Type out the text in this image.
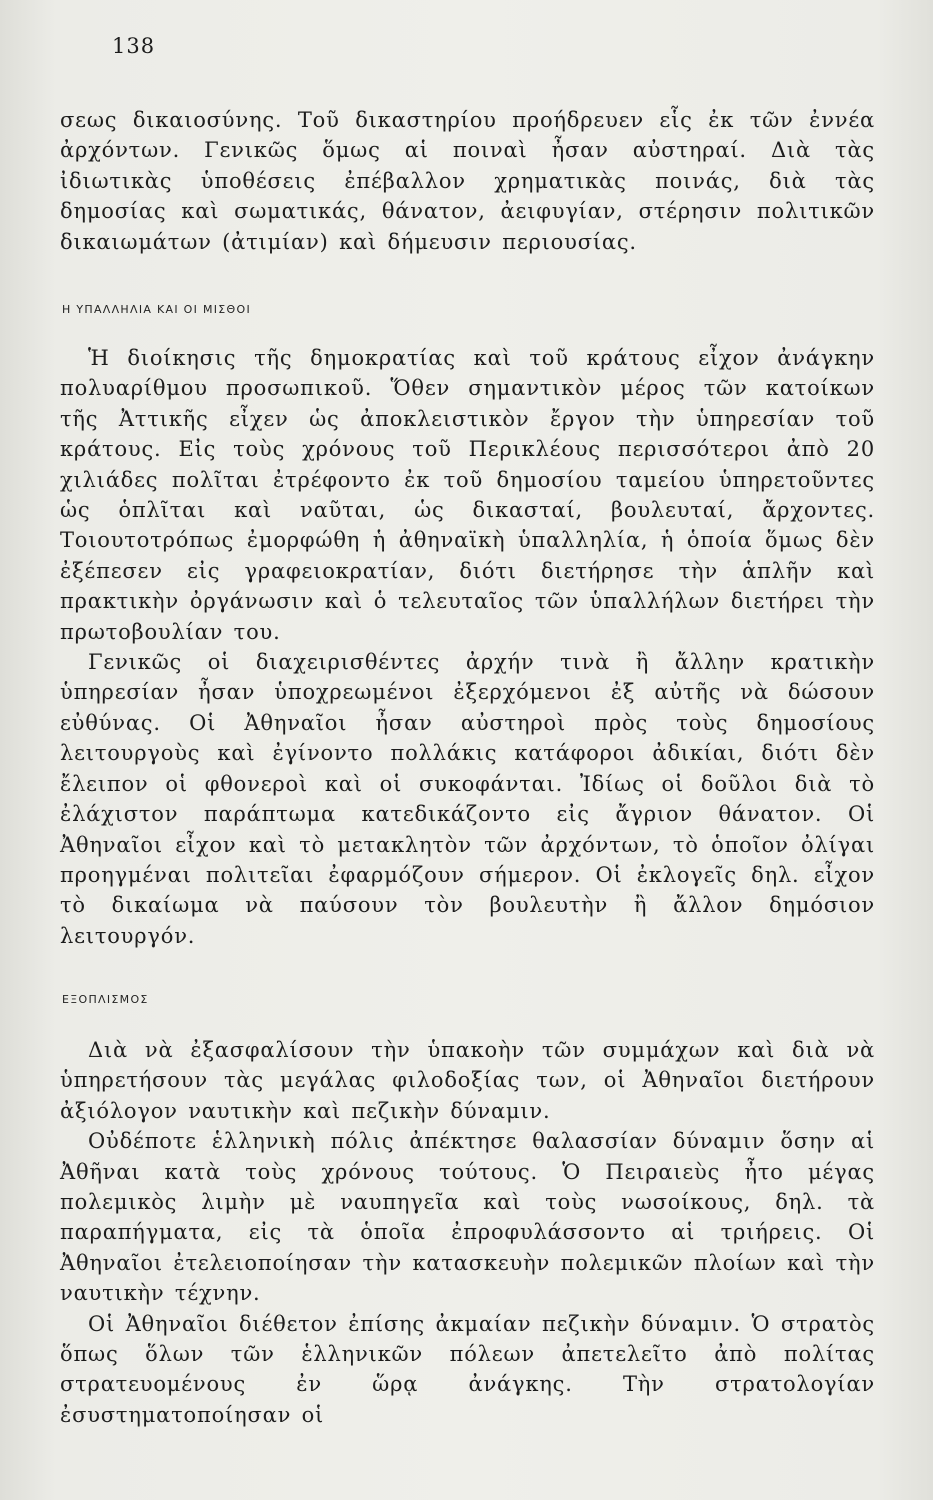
138

σεως δικαιοσύνης. Τοῦ δικαστηρίου προήδρευεν εἷς ἐκ τῶν ἐννέα ἀρχόντων. Γενικῶς ὅμως αἱ ποιναὶ ἦσαν αὐστηραί. Διὰ τὰς ἰδιωτικὰς ὑποθέσεις ἐπέβαλλον χρηματικὰς ποινάς, διὰ τὰς δημοσίας καὶ σωματικάς, θάνατον, ἀειφυγίαν, στέρησιν πολιτικῶν δικαιωμάτων (ἀτιμίαν) καὶ δήμευσιν περιουσίας.

Η ΥΠΑΛΛΗΛΙΑ ΚΑΙ ΟΙ ΜΙΣΘΟΙ

Ἡ διοίκησις τῆς δημοκρατίας καὶ τοῦ κράτους εἶχον ἀνάγκην πολυαρίθμου προσωπικοῦ. Ὅθεν σημαντικὸν μέρος τῶν κατοίκων τῆς Ἀττικῆς εἶχεν ὡς ἀποκλειστικὸν ἔργον τὴν ὑπηρεσίαν τοῦ κράτους. Εἰς τοὺς χρόνους τοῦ Περικλέους περισσότεροι ἀπὸ 20 χιλιάδες πολῖται ἐτρέφοντο ἐκ τοῦ δημοσίου ταμείου ὑπηρετοῦντες ὡς ὁπλῖται καὶ ναῦται, ὡς δικασταί, βουλευταί, ἄρχοντες. Τοιουτοτρόπως ἐμορφώθη ἡ ἀθηναϊκὴ ὑπαλληλία, ἡ ὁποία ὅμως δὲν ἐξέπεσεν εἰς γραφειοκρατίαν, διότι διετήρησε τὴν ἁπλῆν καὶ πρακτικὴν ὀργάνωσιν καὶ ὁ τελευταῖος τῶν ὑπαλλήλων διετήρει τὴν πρωτοβουλίαν του.

Γενικῶς οἱ διαχειρισθέντες ἀρχήν τινὰ ἢ ἄλλην κρατικὴν ὑπηρεσίαν ἦσαν ὑποχρεωμένοι ἐξερχόμενοι ἐξ αὐτῆς νὰ δώσουν εὐθύνας. Οἱ Ἀθηναῖοι ἦσαν αὐστηροὶ πρὸς τοὺς δημοσίους λειτουργοὺς καὶ ἐγίνοντο πολλάκις κατάφοροι ἀδικίαι, διότι δὲν ἔλειπον οἱ φθονεροὶ καὶ οἱ συκοφάνται. Ἰδίως οἱ δοῦλοι διὰ τὸ ἐλάχιστον παράπτωμα κατεδικάζοντο εἰς ἄγριον θάνατον. Οἱ Ἀθηναῖοι εἶχον καὶ τὸ μετακλητὸν τῶν ἀρχόντων, τὸ ὁποῖον ὀλίγαι προηγμέναι πολιτεῖαι ἐφαρμόζουν σήμερον. Οἱ ἐκλογεῖς δηλ. εἶχον τὸ δικαίωμα νὰ παύσουν τὸν βουλευτὴν ἢ ἄλλον δημόσιον λειτουργόν.

ΕΞΟΠΛΙΣΜΟΣ

Διὰ νὰ ἐξασφαλίσουν τὴν ὑπακοὴν τῶν συμμάχων καὶ διὰ νὰ ὑπηρετήσουν τὰς μεγάλας φιλοδοξίας των, οἱ Ἀθηναῖοι διετήρουν ἀξιόλογον ναυτικὴν καὶ πεζικὴν δύναμιν.

Οὐδέποτε ἑλληνικὴ πόλις ἀπέκτησε θαλασσίαν δύναμιν ὅσην αἱ Ἀθῆναι κατὰ τοὺς χρόνους τούτους. Ὁ Πειραιεὺς ἦτο μέγας πολεμικὸς λιμὴν μὲ ναυπηγεῖα καὶ τοὺς νωσοίκους, δηλ. τὰ παραπήγματα, εἰς τὰ ὁποῖα ἐπροφυλάσσοντο αἱ τριήρεις. Οἱ Ἀθηναῖοι ἐτελειοποίησαν τὴν κατασκευὴν πολεμικῶν πλοίων καὶ τὴν ναυτικὴν τέχνην.

Οἱ Ἀθηναῖοι διέθετον ἐπίσης ἀκμαίαν πεζικὴν δύναμιν. Ὁ στρατὸς ὅπως ὅλων τῶν ἑλληνικῶν πόλεων ἀπετελεῖτο ἀπὸ πολίτας στρατευομένους ἐν ὥρᾳ ἀνάγκης. Τὴν στρατολογίαν ἐσυστηματοποίησαν οἱ
